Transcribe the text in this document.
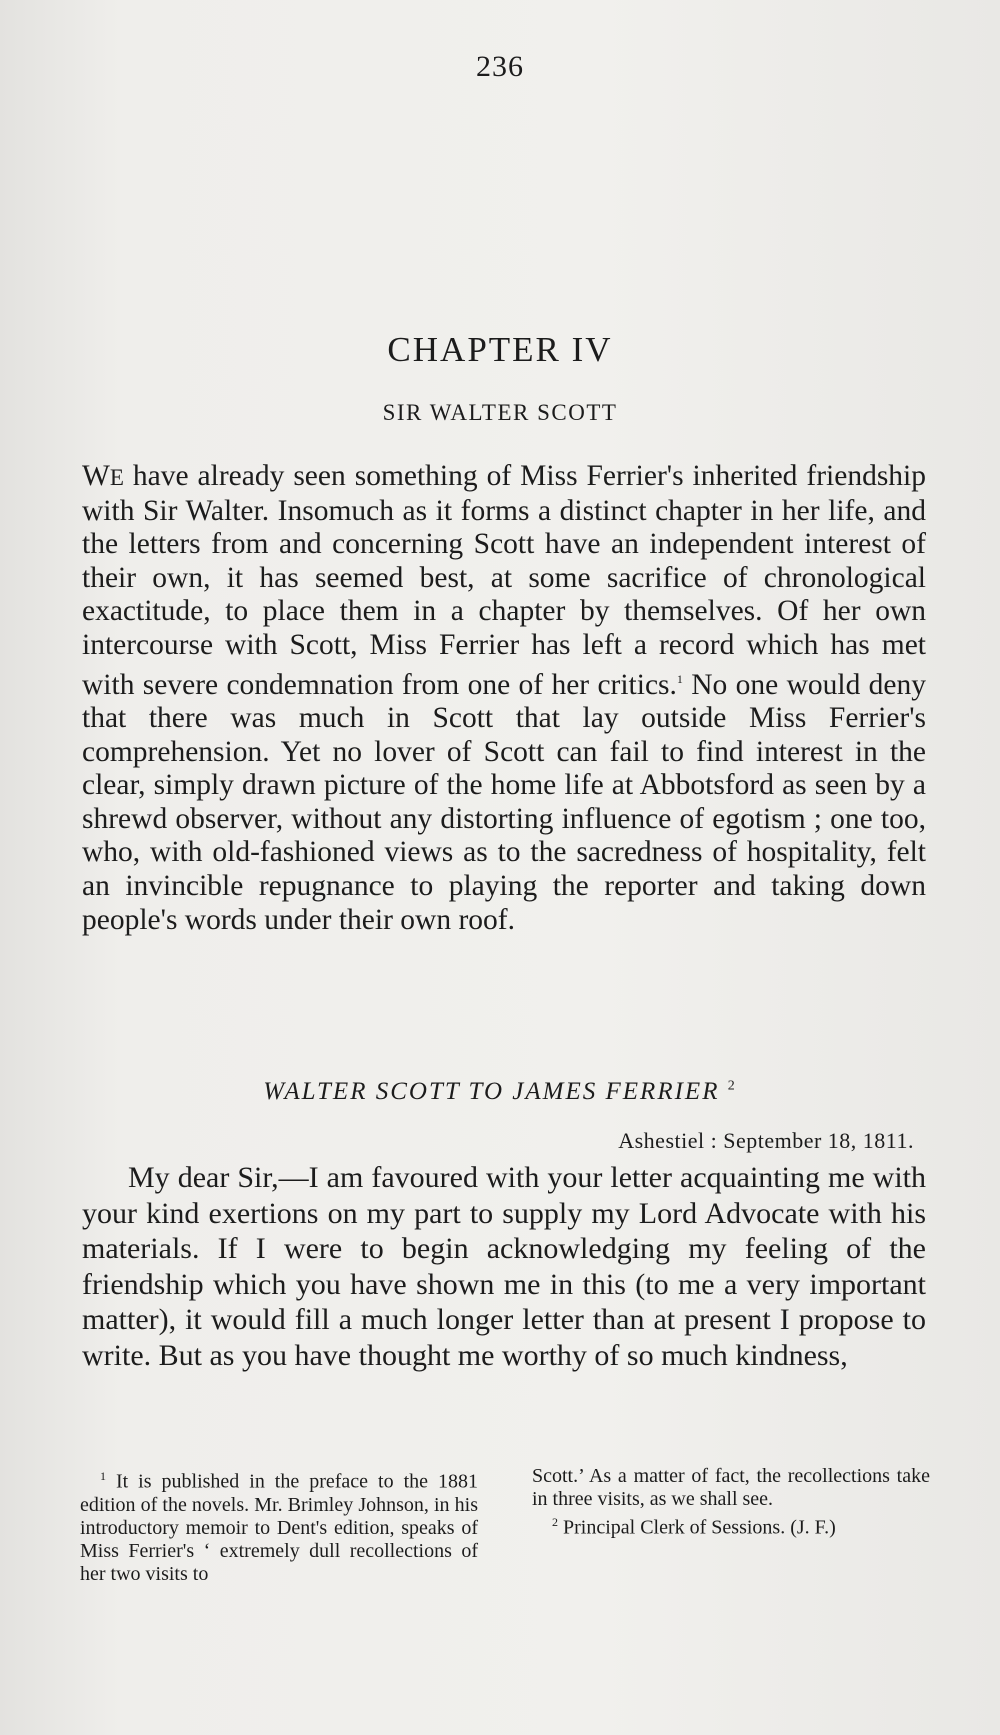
236
CHAPTER IV
SIR WALTER SCOTT

WE have already seen something of Miss Ferrier's inherited friendship with Sir Walter. Insomuch as it forms a distinct chapter in her life, and the letters from and concerning Scott have an independent interest of their own, it has seemed best, at some sacrifice of chronological exactitude, to place them in a chapter by themselves. Of her own intercourse with Scott, Miss Ferrier has left a record which has met with severe condemnation from one of her critics.$^1$ No one would deny that there was much in Scott that lay outside Miss Ferrier's comprehension. Yet no lover of Scott can fail to find interest in the clear, simply drawn picture of the home life at Abbotsford as seen by a shrewd observer, without any distorting influence of egotism ; one too, who, with old-fashioned views as to the sacredness of hospitality, felt an invincible repugnance to playing the reporter and taking down people's words under their own roof.

WALTER SCOTT TO JAMES FERRIER $^2$
Ashestiel : September 18, 1811.

My dear Sir,—I am favoured with your letter acquainting me with your kind exertions on my part to supply my Lord Advocate with his materials. If I were to begin acknowledging my feeling of the friendship which you have shown me in this (to me a very important matter), it would fill a much longer letter than at present I propose to write. But as you have thought me worthy of so much kindness,

$^1$ It is published in the preface to the 1881 edition of the novels. Mr. Brimley Johnson, in his introductory memoir to Dent's edition, speaks of Miss Ferrier's ‘ extremely dull recollections of her two visits to

Scott.’ As a matter of fact, the recollections take in three visits, as we shall see.

$^2$ Principal Clerk of Sessions. (J. F.)
